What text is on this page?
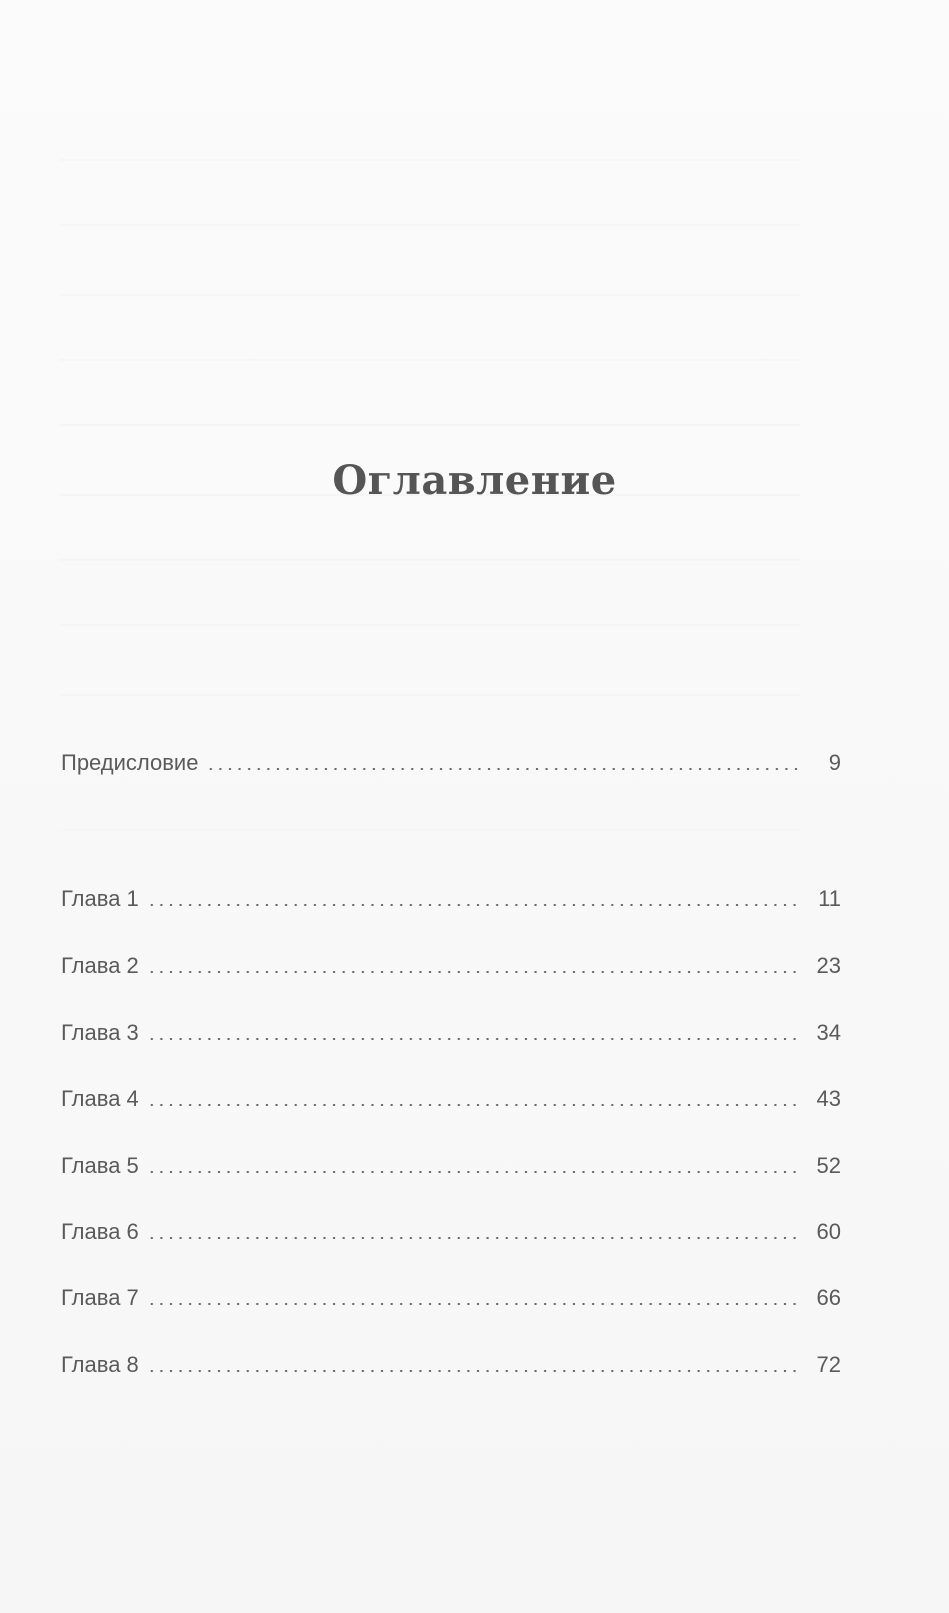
Оглавление
Предисловие	9
Глава 1	11
Глава 2	23
Глава 3	34
Глава 4	43
Глава 5	52
Глава 6	60
Глава 7	66
Глава 8	72
